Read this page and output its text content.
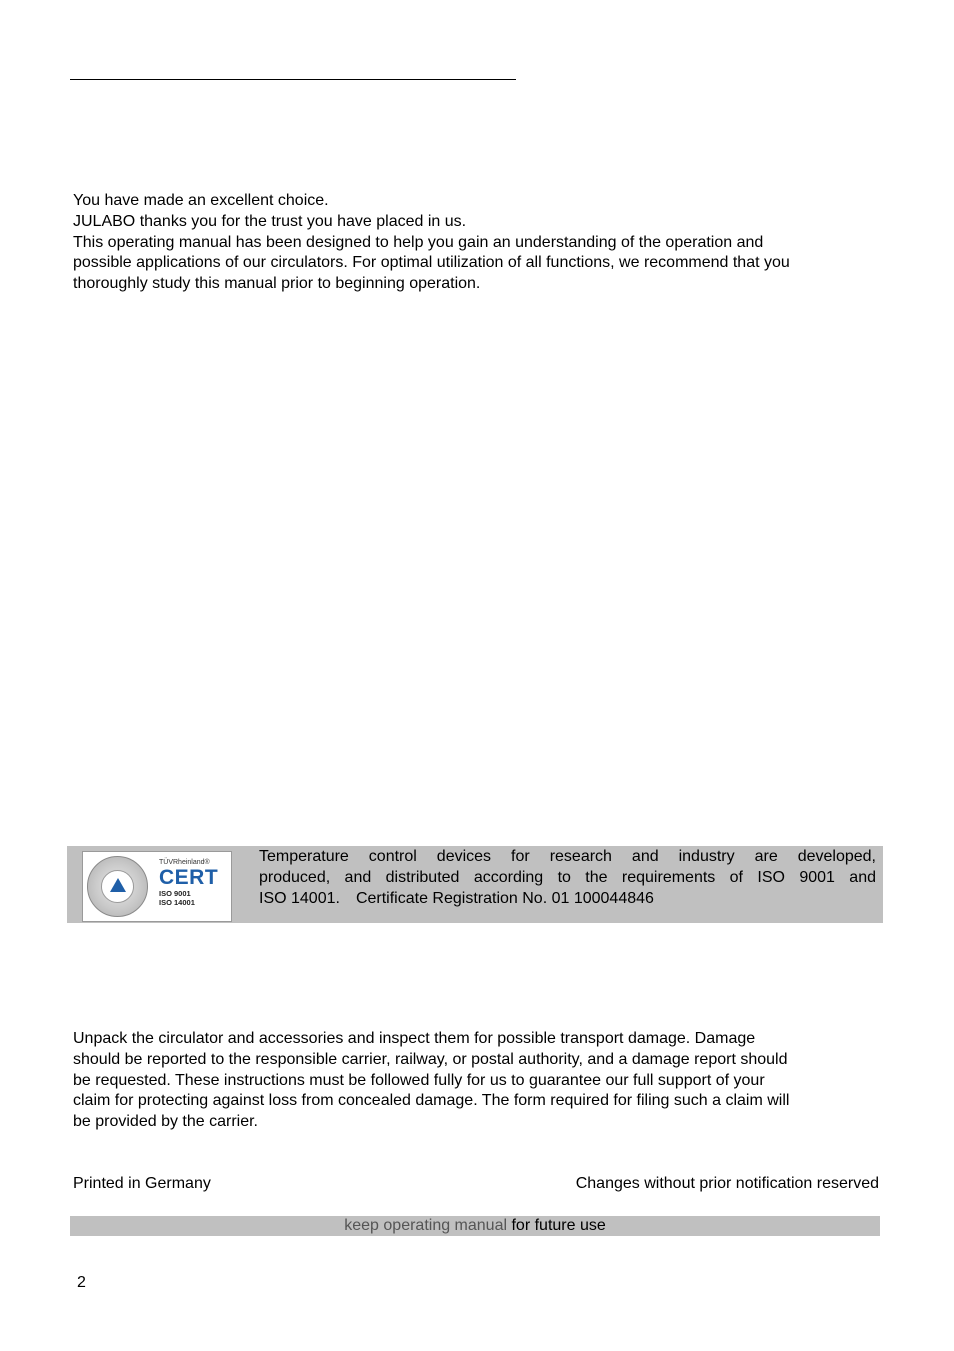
You have made an excellent choice.
JULABO thanks you for the trust you have placed in us.
This operating manual has been designed to help you gain an understanding of the operation and
possible applications of our circulators. For optimal utilization of all functions, we recommend that you
thoroughly study this manual prior to beginning operation.
TÜVRheinland®
CERT
ISO 9001
ISO 14001
Temperature control devices for research and industry are developed,
produced, and distributed according to the requirements of ISO 9001 and
ISO 14001. Certificate Registration No. 01 100044846
Unpack the circulator and accessories and inspect them for possible transport damage. Damage
should be reported to the responsible carrier, railway, or postal authority, and a damage report should
be requested. These instructions must be followed fully for us to guarantee our full support of your
claim for protecting against loss from concealed damage. The form required for filing such a claim will
be provided by the carrier.
Printed in Germany	Changes without prior notification reserved
keep operating manual for future use
2
